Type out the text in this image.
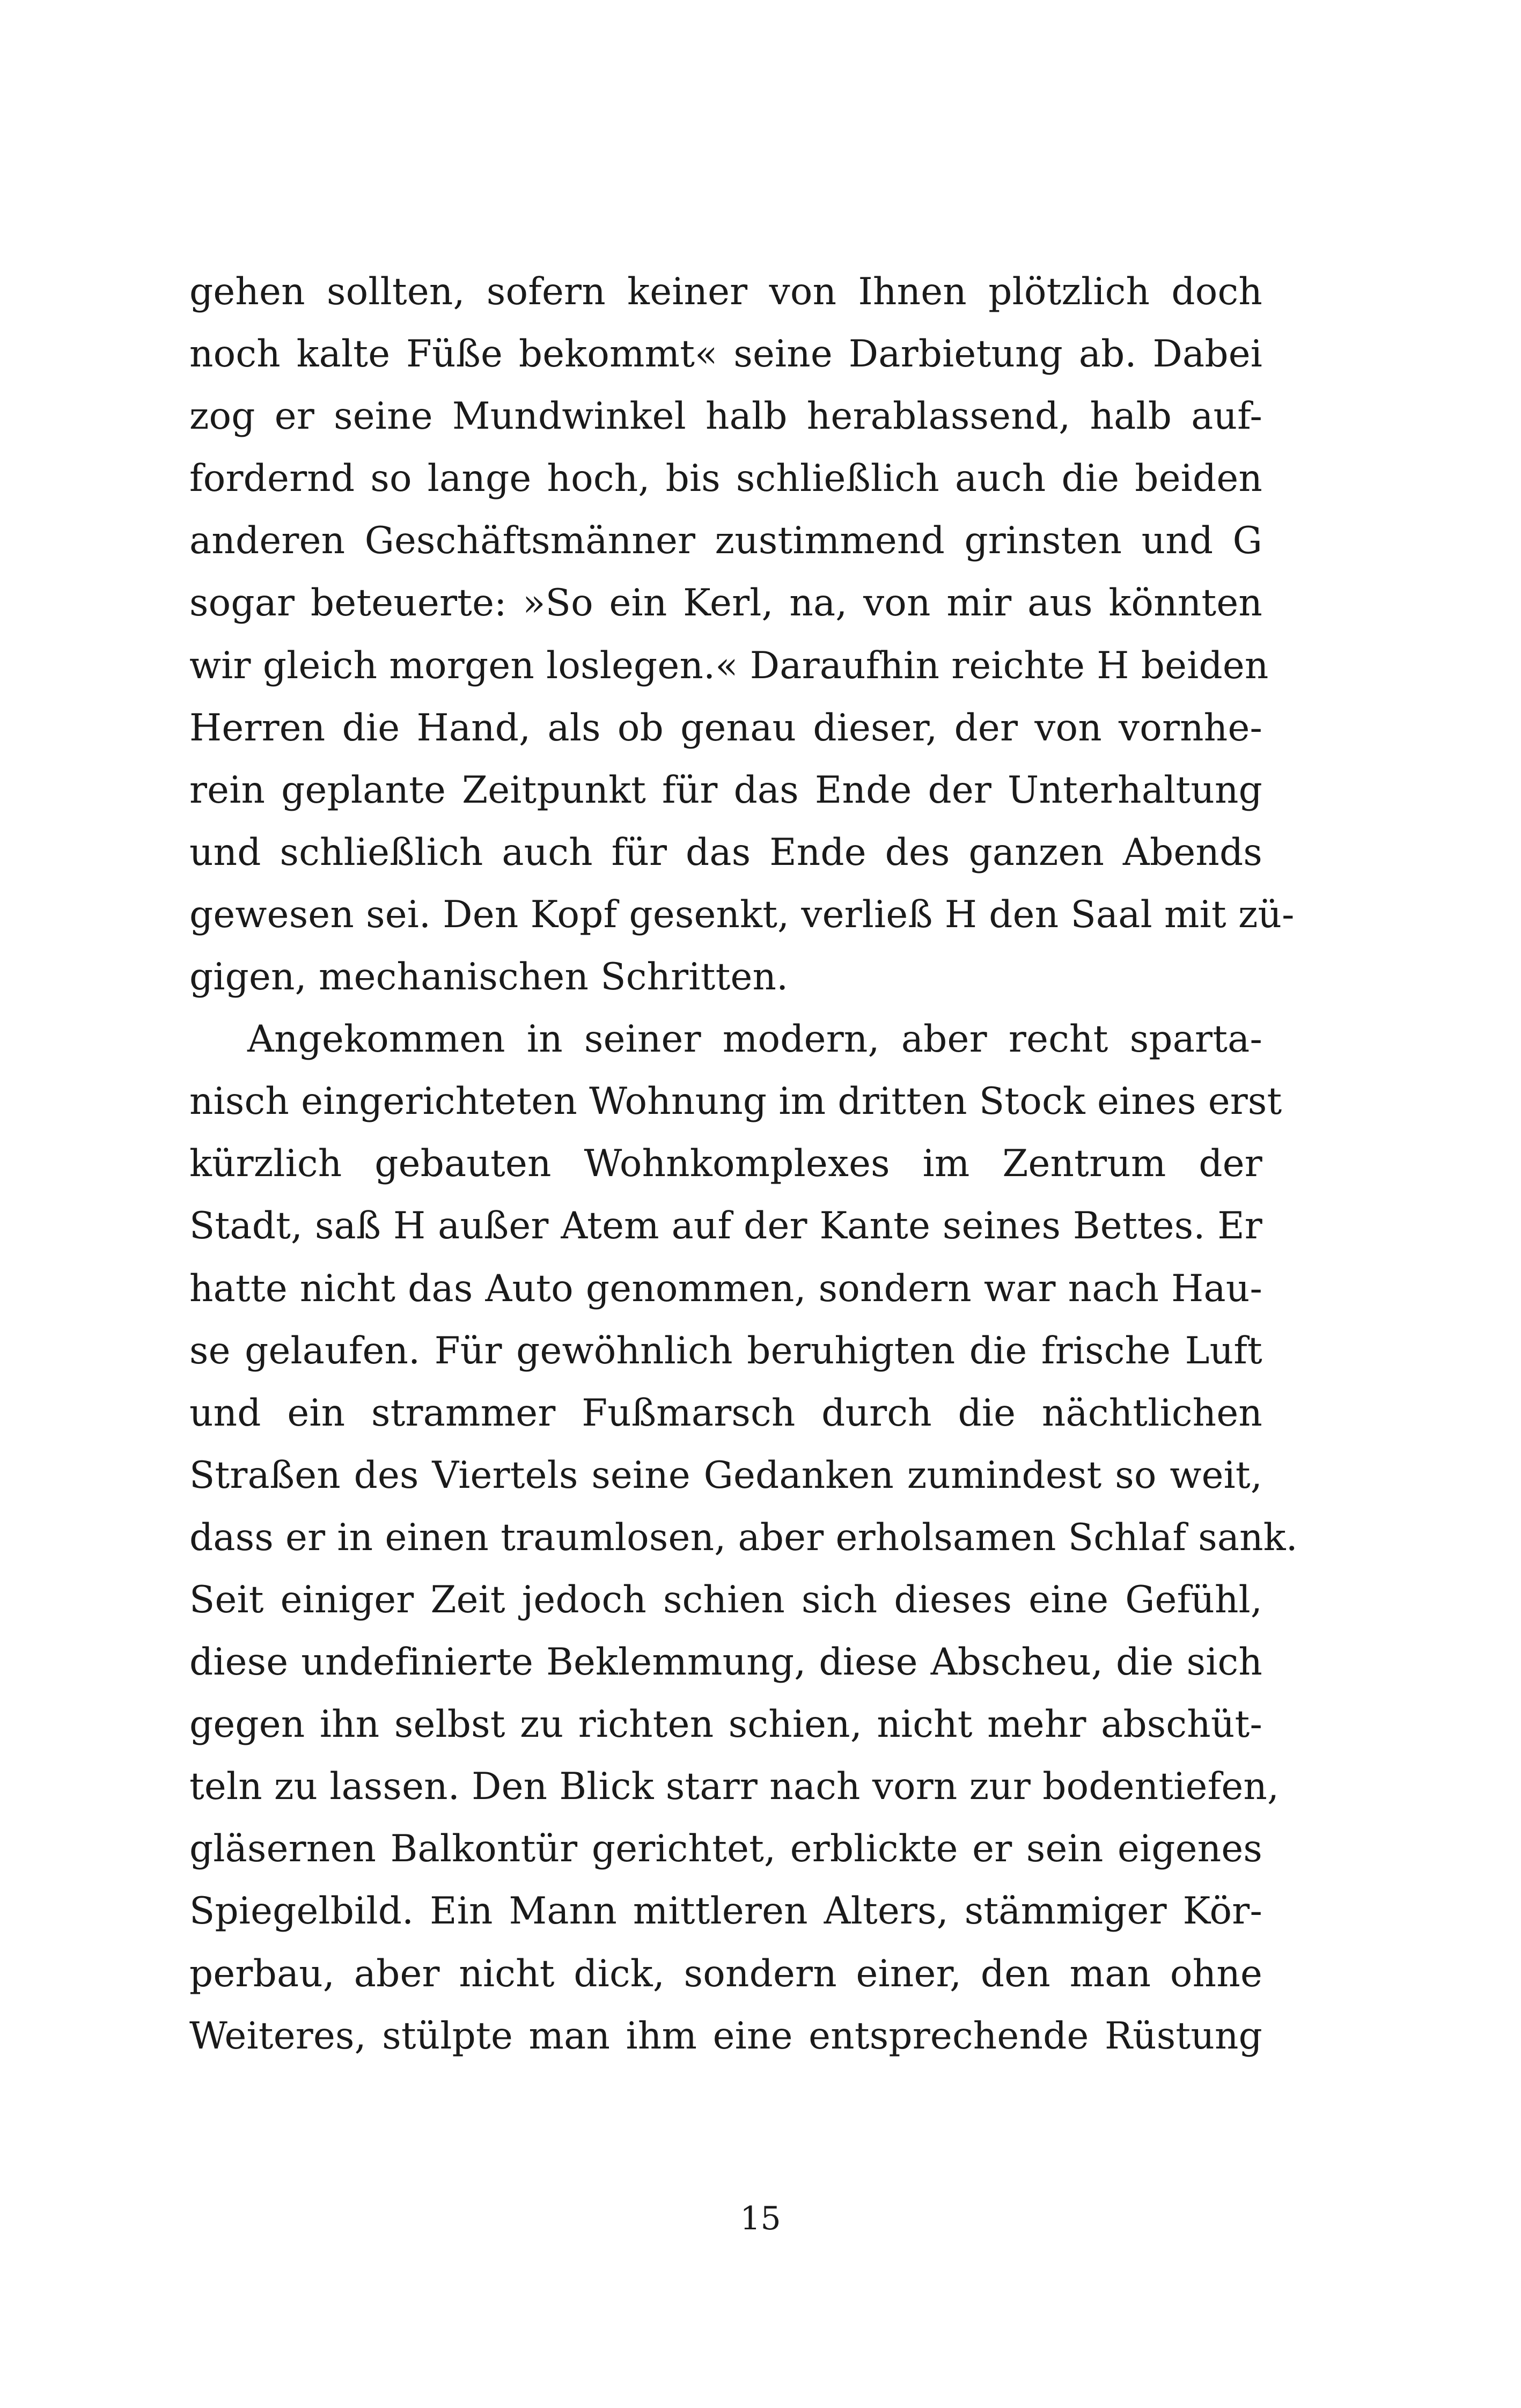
gehen sollten, sofern keiner von Ihnen plötzlich doch
noch kalte Füße bekommt« seine Darbietung ab. Dabei
zog er seine Mundwinkel halb herablassend, halb auf-
fordernd so lange hoch, bis schließlich auch die beiden
anderen Geschäftsmänner zustimmend grinsten und G
sogar beteuerte: »So ein Kerl, na, von mir aus könnten
wir gleich morgen loslegen.« Daraufhin reichte H beiden
Herren die Hand, als ob genau dieser, der von vornhe-
rein geplante Zeitpunkt für das Ende der Unterhaltung
und schließlich auch für das Ende des ganzen Abends
gewesen sei. Den Kopf gesenkt, verließ H den Saal mit zü-
gigen, mechanischen Schritten.
Angekommen in seiner modern, aber recht sparta-
nisch eingerichteten Wohnung im dritten Stock eines erst
kürzlich gebauten Wohnkomplexes im Zentrum der
Stadt, saß H außer Atem auf der Kante seines Bettes. Er
hatte nicht das Auto genommen, sondern war nach Hau-
se gelaufen. Für gewöhnlich beruhigten die frische Luft
und ein strammer Fußmarsch durch die nächtlichen
Straßen des Viertels seine Gedanken zumindest so weit,
dass er in einen traumlosen, aber erholsamen Schlaf sank.
Seit einiger Zeit jedoch schien sich dieses eine Gefühl,
diese undefinierte Beklemmung, diese Abscheu, die sich
gegen ihn selbst zu richten schien, nicht mehr abschüt-
teln zu lassen. Den Blick starr nach vorn zur bodentiefen,
gläsernen Balkontür gerichtet, erblickte er sein eigenes
Spiegelbild. Ein Mann mittleren Alters, stämmiger Kör-
perbau, aber nicht dick, sondern einer, den man ohne
Weiteres, stülpte man ihm eine entsprechende Rüstung
15
